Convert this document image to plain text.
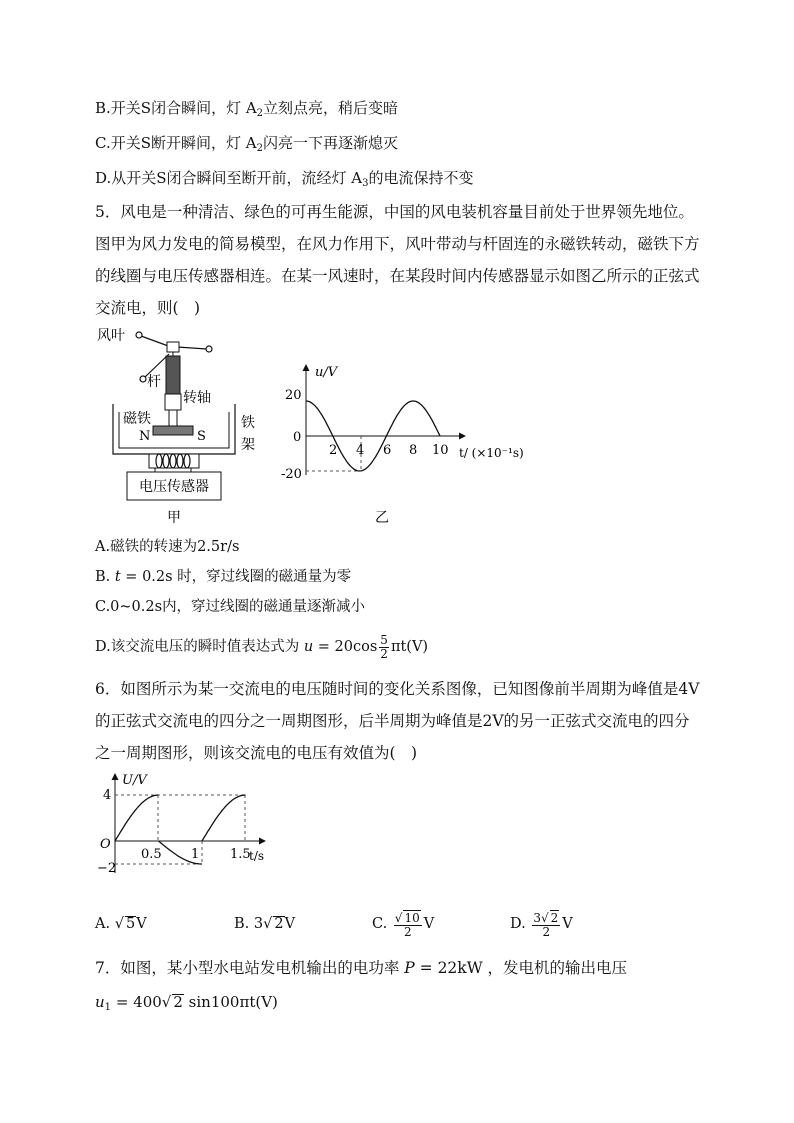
B.开关S闭合瞬间，灯 $A_2$立刻点亮，稍后变暗
C.开关S断开瞬间，灯 $A_2$闪亮一下再逐渐熄灭
D.从开关S闭合瞬间至断开前，流经灯 $A_3$的电流保持不变
5．风电是一种清洁、绿色的可再生能源，中国的风电装机容量目前处于世界领先地位。图甲为风力发电的简易模型，在风力作用下，风叶带动与杆固连的永磁铁转动，磁铁下方的线圈与电压传感器相连。在某一风速时，在某段时间内传感器显示如图乙所示的正弦式交流电，则(　)
风叶
杆
转轴
磁铁	铁
架
N	S
电压传感器
甲
u/V
t/ (×10⁻¹s)
20
0
-20
2 4 6 8 10
乙
A.磁铁的转速为2.5r/s
B. t = 0.2s 时，穿过线圈的磁通量为零
C.0~0.2s内，穿过线圈的磁通量逐渐减小
D.该交流电压的瞬时值表达式为 $u = 20\cos \frac{5}{2} \pi t(V)$
6．如图所示为某一交流电的电压随时间的变化关系图像，已知图像前半周期为峰值是4V的正弦式交流电的四分之一周期图形，后半周期为峰值是2V的另一正弦式交流电的四分之一周期图形，则该交流电的电压有效值为(　)
U/V
t/s
O
4
−2
0.5 1 1.5
A. √ 5V	B. 3√ 2V	C. $\frac{√ 10}{2}$ V	D. $\frac{3√ 2}{2}$ V
7．如图，某小型水电站发电机输出的电功率 P = 22kW ，发电机的输出电压
$u_1 = 400√$ 2 sin100πt(V)
